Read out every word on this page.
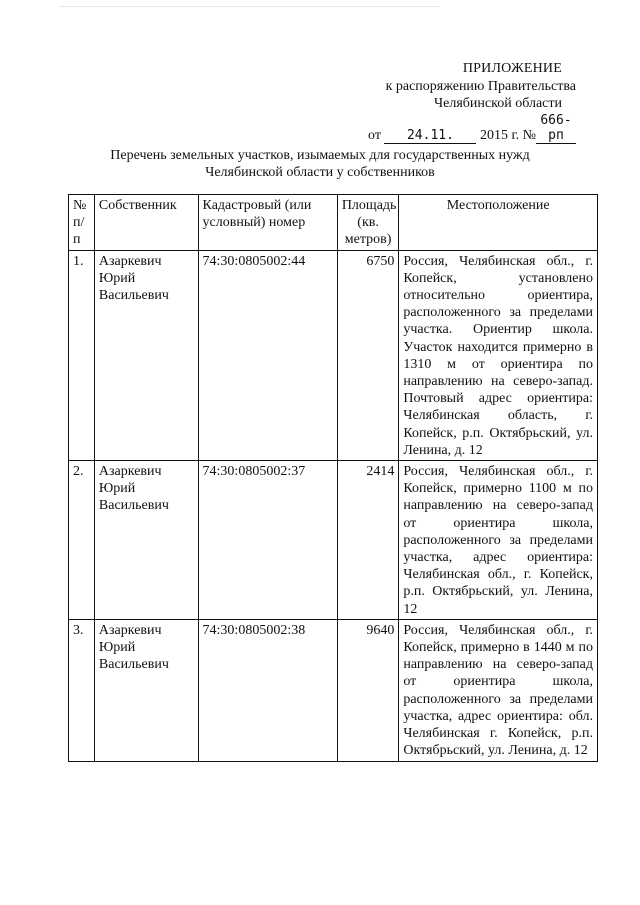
ПРИЛОЖЕНИЕ
к распоряжению Правительства
Челябинской области
от 24.11. 2015 г. №666-рп
Перечень земельных участков, изымаемых для государственных нужд
Челябинской области у собственников
№ п/п	Собственник	Кадастровый (или условный) номер	Площадь (кв. метров)	Местоположение
1.	Азаркевич Юрий Васильевич	74:30:0805002:44	6750	Россия, Челябинская обл., г. Копейск, установлено относительно ориентира, расположенного за пределами участка. Ориентир школа. Участок находится примерно в 1310 м от ориентира по направлению на северо-запад. Почтовый адрес ориентира: Челябинская область, г. Копейск, р.п. Октябрьский, ул. Ленина, д. 12
2.	Азаркевич Юрий Васильевич	74:30:0805002:37	2414	Россия, Челябинская обл., г. Копейск, примерно 1100 м по направлению на северо-запад от ориентира школа, расположенного за пределами участка, адрес ориентира: Челябинская обл., г. Копейск, р.п. Октябрьский, ул. Ленина, 12
3.	Азаркевич Юрий Васильевич	74:30:0805002:38	9640	Россия, Челябинская обл., г. Копейск, примерно в 1440 м по направлению на северо-запад от ориентира школа, расположенного за пределами участка, адрес ориентира: обл. Челябинская г. Копейск, р.п. Октябрьский, ул. Ленина, д. 12
